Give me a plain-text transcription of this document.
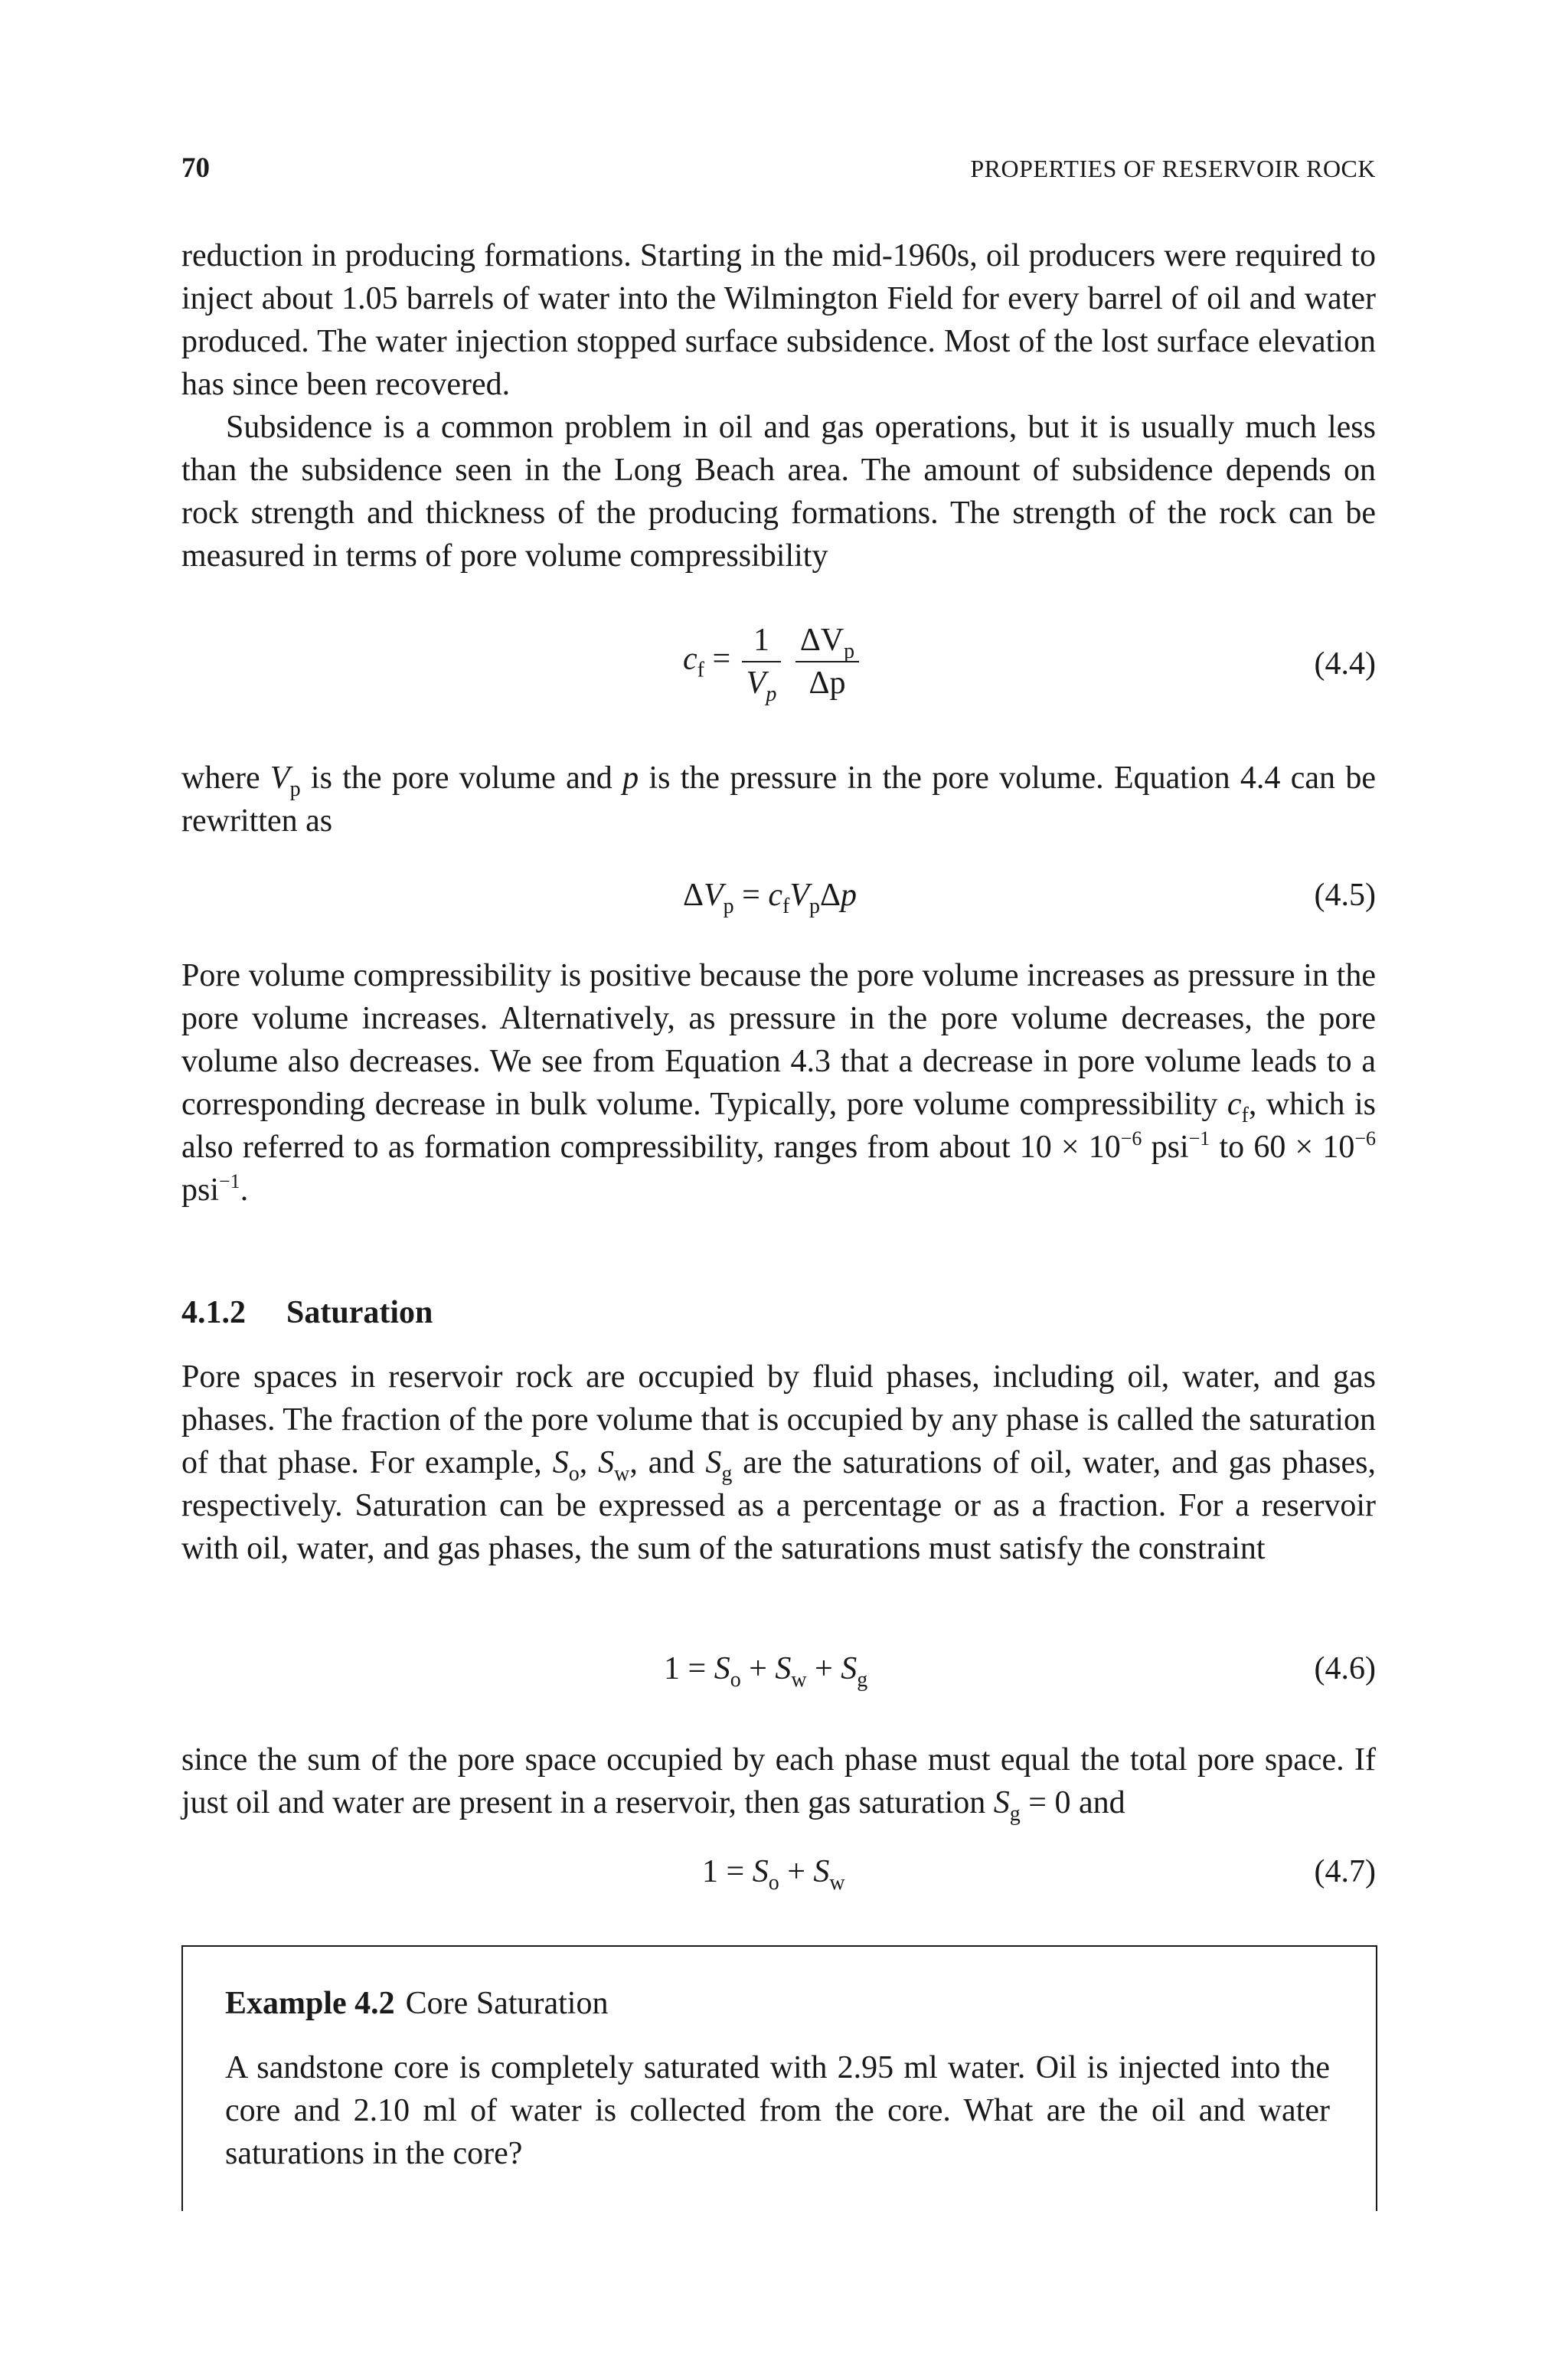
70	PROPERTIES OF RESERVOIR ROCK

reduction in producing formations. Starting in the mid-1960s, oil producers were required to inject about 1.05 barrels of water into the Wilmington Field for every barrel of oil and water produced. The water injection stopped surface subsidence. Most of the lost surface elevation has since been recovered.

Subsidence is a common problem in oil and gas operations, but it is usually much less than the subsidence seen in the Long Beach area. The amount of subsidence depends on rock strength and thickness of the producing formations. The strength of the rock can be measured in terms of pore volume compressibility

$c_f = \frac{1}{V_p}$
$\frac{\Delta V_p}{\Delta p}$	(4.4)

where $V_p$ is the pore volume and p is the pressure in the pore volume. Equation 4.4 can be rewritten as

$\Delta V_p = c_fV_p\Delta p$	(4.5)

Pore volume compressibility is positive because the pore volume increases as pressure in the pore volume increases. Alternatively, as pressure in the pore volume decreases, the pore volume also decreases. We see from Equation 4.3 that a decrease in pore volume leads to a corresponding decrease in bulk volume. Typically, pore volume compressibility $c_f$, which is also referred to as formation compressibility, ranges from about $10 \times 10^{-6}$ psi$^{-1}$ to $60 \times 10^{-6}$ psi$^{-1}$.

4.1.2 Saturation

Pore spaces in reservoir rock are occupied by fluid phases, including oil, water, and gas phases. The fraction of the pore volume that is occupied by any phase is called the saturation of that phase. For example, $S_o$, $S_w$, and $S_g$ are the saturations of oil, water, and gas phases, respectively. Saturation can be expressed as a percentage or as a fraction. For a reservoir with oil, water, and gas phases, the sum of the saturations must satisfy the constraint

$1 = S_o + S_w + S_g$	(4.6)

since the sum of the pore space occupied by each phase must equal the total pore space. If just oil and water are present in a reservoir, then gas saturation $S_g = 0$ and

$1 = S_o + S_w$	(4.7)
Example 4.2 Core Saturation

A sandstone core is completely saturated with 2.95 ml water. Oil is injected into the core and 2.10 ml of water is collected from the core. What are the oil and water saturations in the core?
